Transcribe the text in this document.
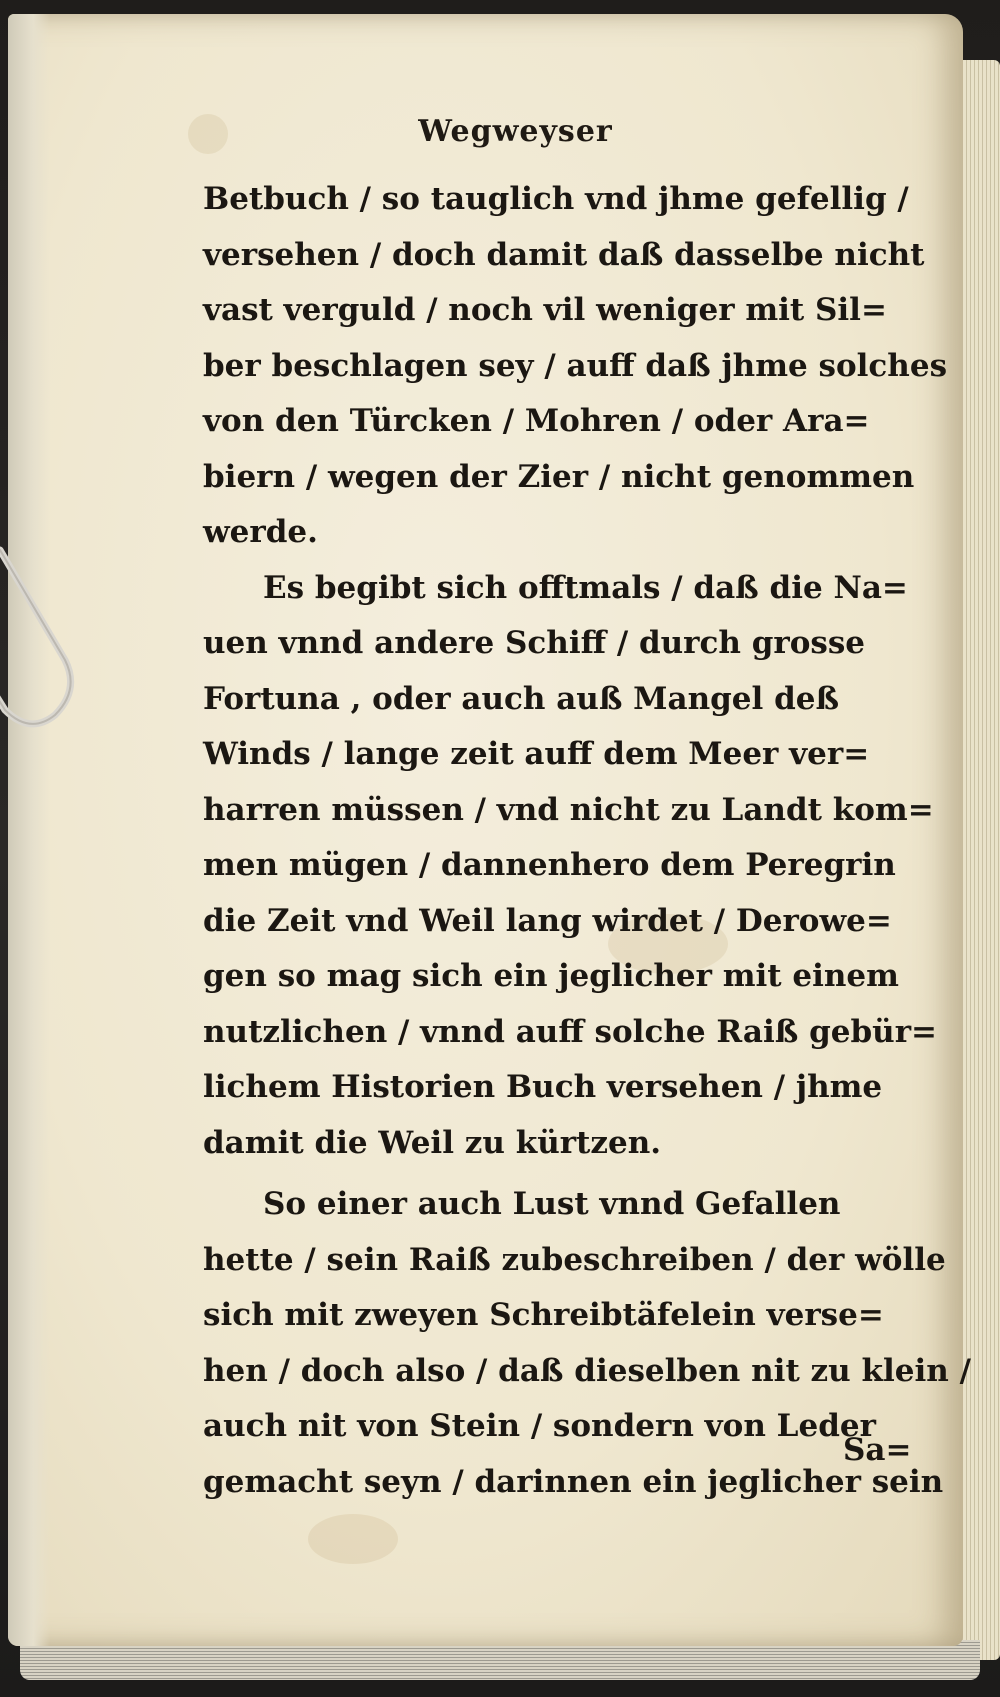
Wegweyser
Betbuch / so tauglich vnd jhme gefellig /
versehen / doch damit daß dasselbe nicht
vast verguld / noch vil weniger mit Sil=
ber beschlagen sey / auff daß jhme solches
von den Türcken / Mohren / oder Ara=
biern / wegen der Zier / nicht genommen
werde.
Es begibt sich offtmals / daß die Na=
uen vnnd andere Schiff / durch grosse
Fortuna , oder auch auß Mangel deß
Winds / lange zeit auff dem Meer ver=
harren müssen / vnd nicht zu Landt kom=
men mügen / dannenhero dem Peregrin
die Zeit vnd Weil lang wirdet / Derowe=
gen so mag sich ein jeglicher mit einem
nutzlichen / vnnd auff solche Raiß gebür=
lichem Historien Buch versehen / jhme
damit die Weil zu kürtzen.
So einer auch Lust vnnd Gefallen
hette / sein Raiß zubeschreiben / der wölle
sich mit zweyen Schreibtäfelein verse=
hen / doch also / daß dieselben nit zu klein /
auch nit von Stein / sondern von Leder
gemacht seyn / darinnen ein jeglicher sein
Sa=
